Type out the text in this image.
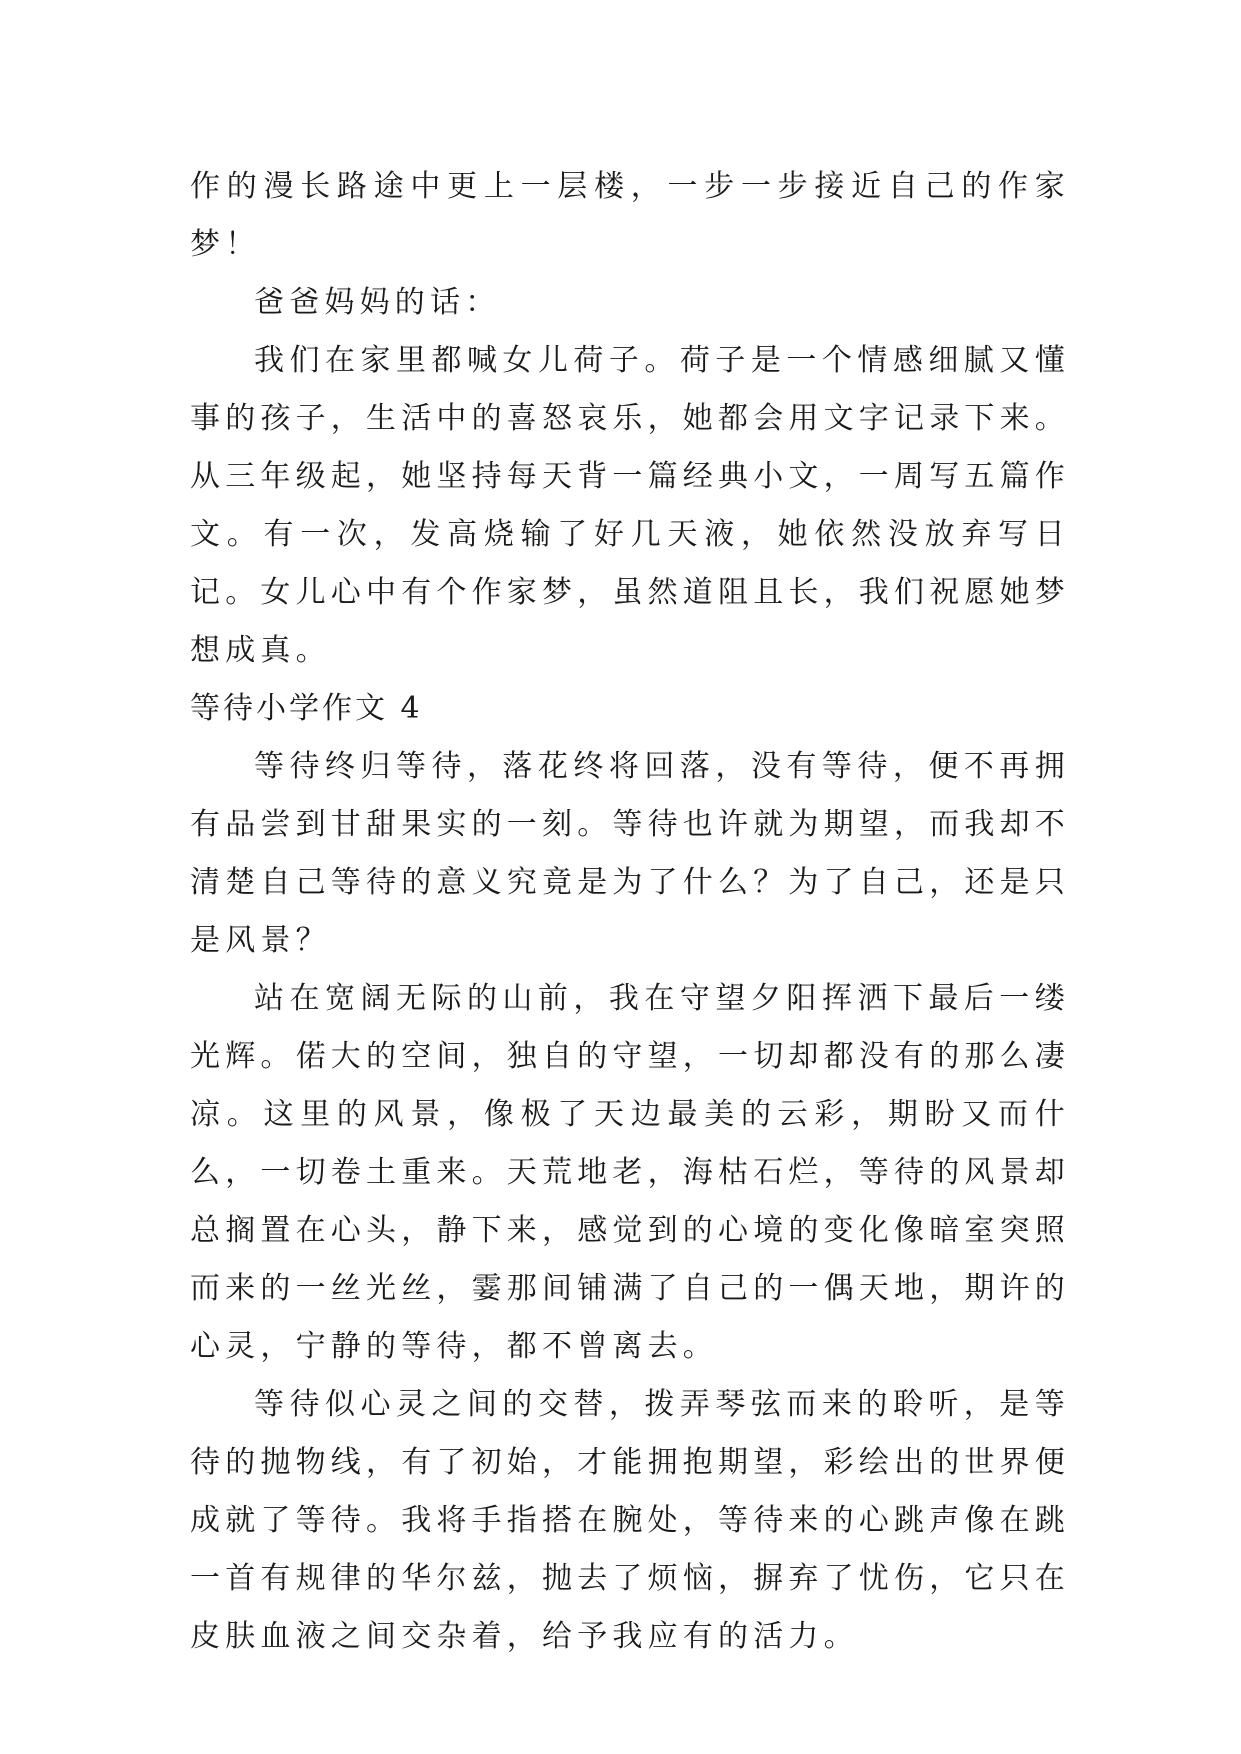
作的漫长路途中更上一层楼，一步一步接近自己的作家梦！

爸爸妈妈的话：

我们在家里都喊女儿荷子。荷子是一个情感细腻又懂事的孩子，生活中的喜怒哀乐，她都会用文字记录下来。从三年级起，她坚持每天背一篇经典小文，一周写五篇作文。有一次，发高烧输了好几天液，她依然没放弃写日记。女儿心中有个作家梦，虽然道阻且长，我们祝愿她梦想成真。

等待小学作文 4

等待终归等待，落花终将回落，没有等待，便不再拥有品尝到甘甜果实的一刻。等待也许就为期望，而我却不清楚自己等待的意义究竟是为了什么？为了自己，还是只是风景？

站在宽阔无际的山前，我在守望夕阳挥洒下最后一缕光辉。偌大的空间，独自的守望，一切却都没有的那么凄凉。这里的风景，像极了天边最美的云彩，期盼又而什么，一切卷土重来。天荒地老，海枯石烂，等待的风景却总搁置在心头，静下来，感觉到的心境的变化像暗室突照而来的一丝光丝，霎那间铺满了自己的一偶天地，期许的心灵，宁静的等待，都不曾离去。

等待似心灵之间的交替，拨弄琴弦而来的聆听，是等待的抛物线，有了初始，才能拥抱期望，彩绘出的世界便成就了等待。我将手指搭在腕处，等待来的心跳声像在跳一首有规律的华尔兹，抛去了烦恼，摒弃了忧伤，它只在皮肤血液之间交杂着，给予我应有的活力。
